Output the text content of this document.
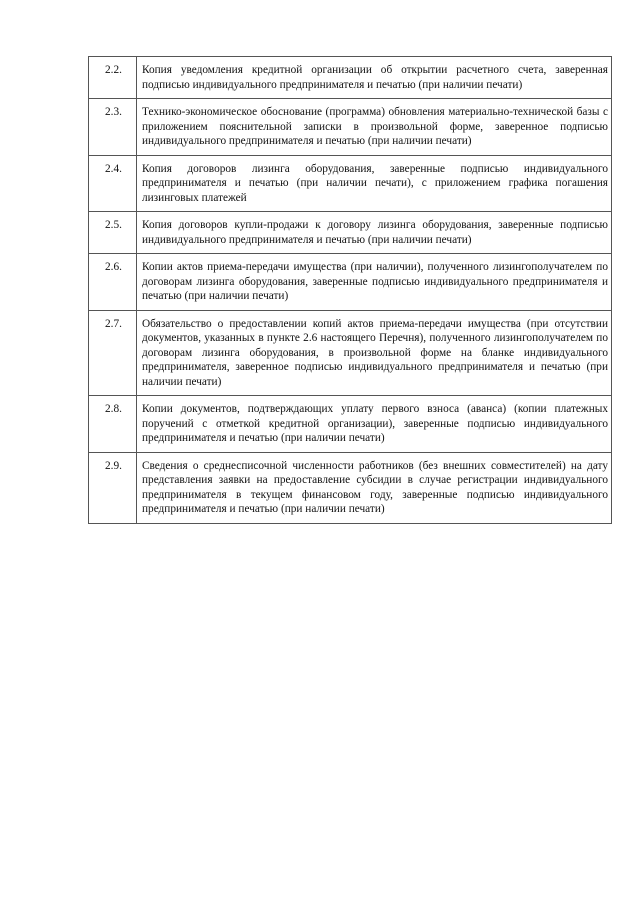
2.2.	Копия уведомления кредитной организации об открытии расчетного счета, заверенная подписью индивидуального предпринимателя и печатью (при наличии печати)
2.3.	Технико-экономическое обоснование (программа) обновления материально-технической базы с приложением пояснительной записки в произвольной форме, заверенное подписью индивидуального предпринимателя и печатью (при наличии печати)
2.4.	Копия договоров лизинга оборудования, заверенные подписью индивидуального предпринимателя и печатью (при наличии печати), с приложением графика погашения лизинговых платежей
2.5.	Копия договоров купли-продажи к договору лизинга оборудования, заверенные подписью индивидуального предпринимателя и печатью (при наличии печати)
2.6.	Копии актов приема-передачи имущества (при наличии), полученного лизингополучателем по договорам лизинга оборудования, заверенные подписью индивидуального предпринимателя и печатью (при наличии печати)
2.7.	Обязательство о предоставлении копий актов приема-передачи имущества (при отсутствии документов, указанных в пункте 2.6 настоящего Перечня), полученного лизингополучателем по договорам лизинга оборудования, в произвольной форме на бланке индивидуального предпринимателя, заверенное подписью индивидуального предпринимателя и печатью (при наличии печати)
2.8.	Копии документов, подтверждающих уплату первого взноса (аванса) (копии платежных поручений с отметкой кредитной организации), заверенные подписью индивидуального предпринимателя и печатью (при наличии печати)
2.9.	Сведения о среднесписочной численности работников (без внешних совместителей) на дату представления заявки на предоставление субсидии в случае регистрации индивидуального предпринимателя в текущем финансовом году, заверенные подписью индивидуального предпринимателя и печатью (при наличии печати)
